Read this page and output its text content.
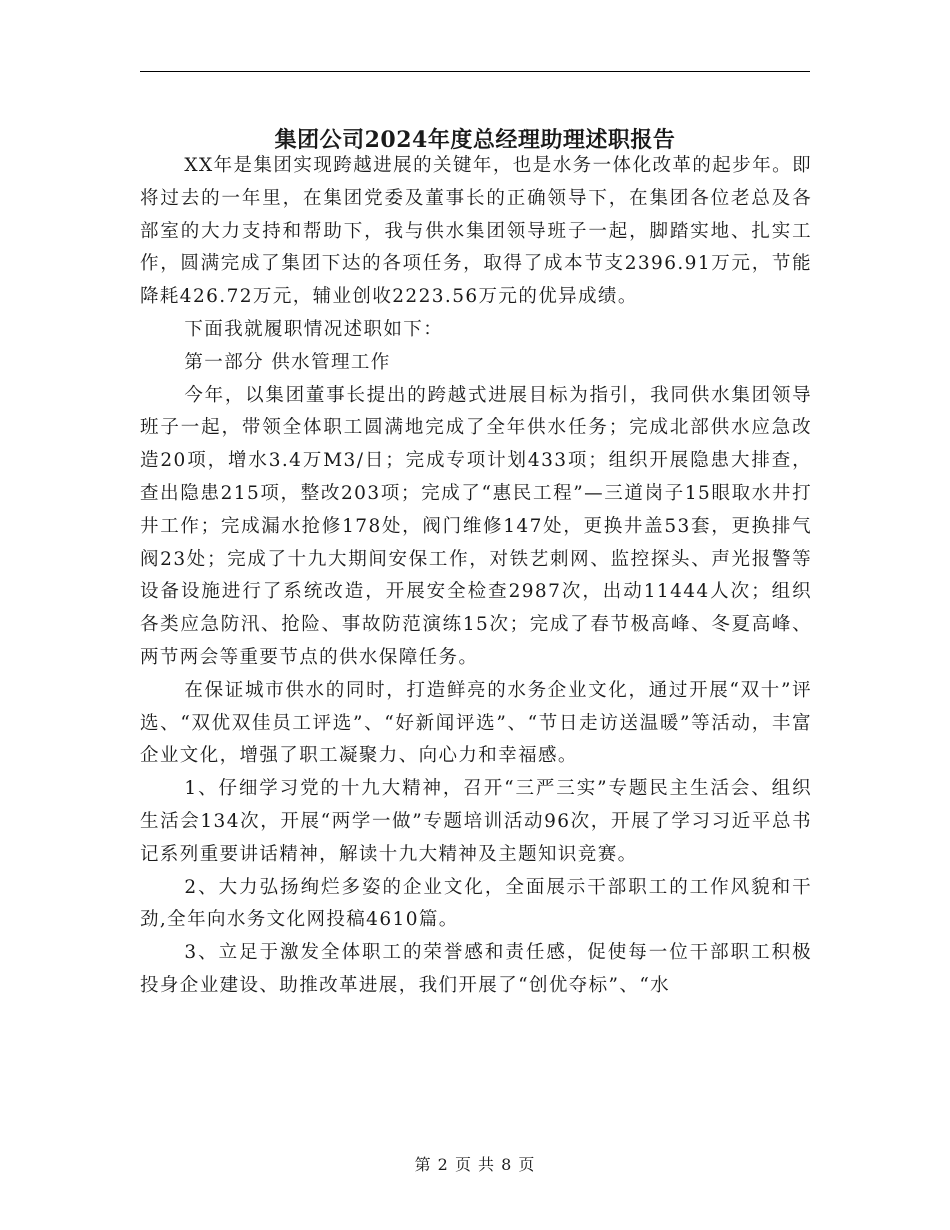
集团公司2024年度总经理助理述职报告

XX年是集团实现跨越进展的关键年，也是水务一体化改革的起步年。即将过去的一年里，在集团党委及董事长的正确领导下，在集团各位老总及各部室的大力支持和帮助下，我与供水集团领导班子一起，脚踏实地、扎实工作，圆满完成了集团下达的各项任务，取得了成本节支2396.91万元，节能降耗426.72万元，辅业创收2223.56万元的优异成绩。

下面我就履职情况述职如下：

第一部分 供水管理工作

今年，以集团董事长提出的跨越式进展目标为指引，我同供水集团领导班子一起，带领全体职工圆满地完成了全年供水任务；完成北部供水应急改造20项，增水3.4万M3/日；完成专项计划433项；组织开展隐患大排查，查出隐患215项，整改203项；完成了“惠民工程”—三道岗子15眼取水井打井工作；完成漏水抢修178处，阀门维修147处，更换井盖53套，更换排气阀23处；完成了十九大期间安保工作，对铁艺刺网、监控探头、声光报警等设备设施进行了系统改造，开展安全检查2987次，出动11444人次；组织各类应急防汛、抢险、事故防范演练15次；完成了春节极高峰、冬夏高峰、两节两会等重要节点的供水保障任务。

在保证城市供水的同时，打造鲜亮的水务企业文化，通过开展“双十”评选、“双优双佳员工评选”、“好新闻评选”、“节日走访送温暖”等活动，丰富企业文化，增强了职工凝聚力、向心力和幸福感。

1、仔细学习党的十九大精神，召开“三严三实”专题民主生活会、组织生活会134次，开展“两学一做”专题培训活动96次，开展了学习习近平总书记系列重要讲话精神，解读十九大精神及主题知识竞赛。

2、大力弘扬绚烂多姿的企业文化，全面展示干部职工的工作风貌和干劲,全年向水务文化网投稿4610篇。

3、立足于激发全体职工的荣誉感和责任感，促使每一位干部职工积极投身企业建设、助推改革进展，我们开展了“创优夺标”、“水

第 2 页 共 8 页
